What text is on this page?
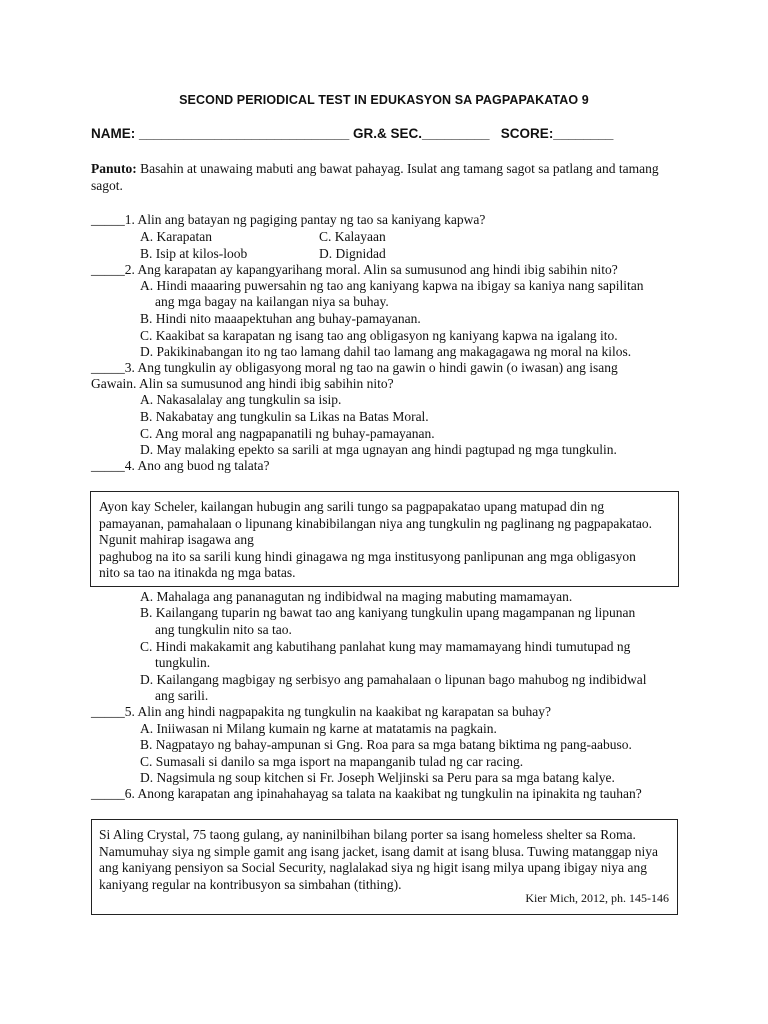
SECOND PERIODICAL TEST IN EDUKASYON SA PAGPAPAKATAO 9
NAME: ____________________________ GR.& SEC._________   SCORE:________
Panuto: Basahin at unawaing mabuti ang bawat pahayag. Isulat ang tamang sagot sa patlang and tamang sagot.
_____1. Alin ang batayan ng pagiging pantay ng tao sa kaniyang kapwa?
A. Karapatan	C. Kalayaan
B. Isip at kilos-loob	D. Dignidad
_____2. Ang karapatan ay kapangyarihang moral. Alin sa sumusunod ang hindi ibig sabihin nito?
A. Hindi maaaring puwersahin ng tao ang kaniyang kapwa na ibigay sa kaniya nang sapilitan
ang mga bagay na kailangan niya sa buhay.
B. Hindi nito maaapektuhan ang buhay-pamayanan.
C. Kaakibat sa karapatan ng isang tao ang obligasyon ng kaniyang kapwa na igalang ito.
D. Pakikinabangan ito ng tao lamang dahil tao lamang ang makagagawa ng moral na kilos.
_____3. Ang tungkulin ay obligasyong moral ng tao na gawin o hindi gawin (o iwasan) ang isang
Gawain. Alin sa sumusunod ang hindi ibig sabihin nito?
A. Nakasalalay ang tungkulin sa isip.
B. Nakabatay ang tungkulin sa Likas na Batas Moral.
C. Ang moral ang nagpapanatili ng buhay-pamayanan.
D. May malaking epekto sa sarili at mga ugnayan ang hindi pagtupad ng mga tungkulin.
_____4. Ano ang buod ng talata?

Ayon kay Scheler, kailangan hubugin ang sarili tungo sa pagpapakatao upang matupad din ng

pamayanan, pamahalaan o lipunang kinabibilangan niya ang tungkulin ng paglinang ng pagpapakatao. Ngunit mahirap isagawa ang

paghubog na ito sa sarili kung hindi ginagawa ng mga institusyong panlipunan ang mga obligasyon

nito sa tao na itinakda ng mga batas.

A. Mahalaga ang pananagutan ng indibidwal na maging mabuting mamamayan.
B. Kailangang tuparin ng bawat tao ang kaniyang tungkulin upang magampanan ng lipunan
ang tungkulin nito sa tao.
C. Hindi makakamit ang kabutihang panlahat kung may mamamayang hindi tumutupad ng
tungkulin.
D. Kailangang magbigay ng serbisyo ang pamahalaan o lipunan bago mahubog ng indibidwal
ang sarili.
_____5. Alin ang hindi nagpapakita ng tungkulin na kaakibat ng karapatan sa buhay?
A. Iniiwasan ni Milang kumain ng karne at matatamis na pagkain.
B. Nagpatayo ng bahay-ampunan si Gng. Roa para sa mga batang biktima ng pang-aabuso.
C. Sumasali si danilo sa mga isport na mapanganib tulad ng car racing.
D. Nagsimula ng soup kitchen si Fr. Joseph Weljinski sa Peru para sa mga batang kalye.
_____6. Anong karapatan ang ipinahahayag sa talata na kaakibat ng tungkulin na ipinakita ng tauhan?

Si Aling Crystal, 75 taong gulang, ay naninilbihan bilang porter sa isang homeless shelter sa Roma. Namumuhay siya ng simple gamit ang isang jacket, isang damit at isang blusa. Tuwing matanggap niya ang kaniyang pensiyon sa Social Security, naglalakad siya ng higit isang milya upang ibigay niya ang kaniyang regular na kontribusyon sa simbahan (tithing).

Kier Mich, 2012, ph. 145-146
